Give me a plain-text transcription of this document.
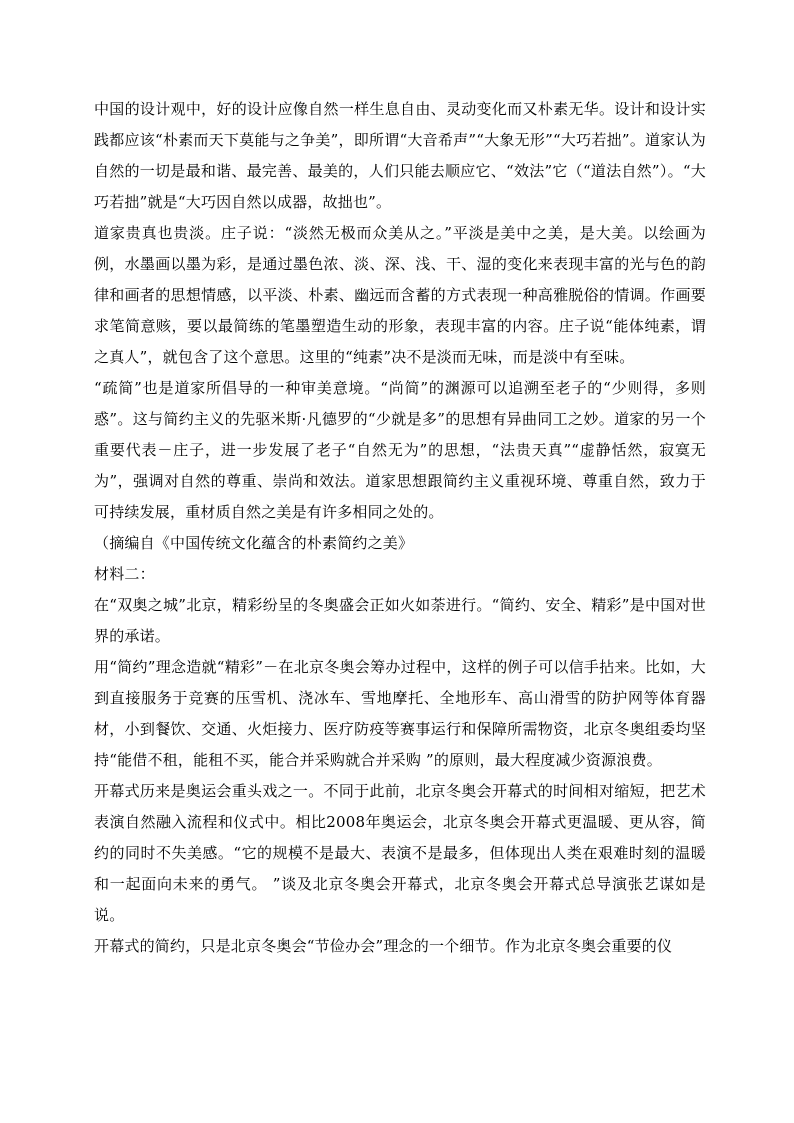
中国的设计观中，好的设计应像自然一样生息自由、灵动变化而又朴素无华。设计和设计实践都应该“朴素而天下莫能与之争美”，即所谓“大音希声”“大象无形”“大巧若拙”。道家认为自然的一切是最和谐、最完善、最美的，人们只能去顺应它、“效法”它（“道法自然”）。“大巧若拙”就是“大巧因自然以成器，故拙也”。

道家贵真也贵淡。庄子说：“淡然无极而众美从之。”平淡是美中之美，是大美。以绘画为例，水墨画以墨为彩，是通过墨色浓、淡、深、浅、干、湿的变化来表现丰富的光与色的韵律和画者的思想情感，以平淡、朴素、幽远而含蓄的方式表现一种高雅脱俗的情调。作画要求笔简意赅，要以最简练的笔墨塑造生动的形象，表现丰富的内容。庄子说“能体纯素，谓之真人”，就包含了这个意思。这里的“纯素”决不是淡而无味，而是淡中有至味。

“疏简”也是道家所倡导的一种审美意境。“尚简”的渊源可以追溯至老子的“少则得，多则惑”。这与简约主义的先驱米斯·凡德罗的“少就是多”的思想有异曲同工之妙。道家的另一个重要代表－庄子，进一步发展了老子“自然无为”的思想，“法贵天真”“虚静恬然，寂寞无为”，强调对自然的尊重、崇尚和效法。道家思想跟简约主义重视环境、尊重自然，致力于可持续发展，重材质自然之美是有许多相同之处的。

（摘编自《中国传统文化蕴含的朴素简约之美》

材料二：

在“双奥之城”北京，精彩纷呈的冬奥盛会正如火如荼进行。“简约、安全、精彩”是中国对世界的承诺。

用“简约”理念造就“精彩”－在北京冬奥会筹办过程中，这样的例子可以信手拈来。比如，大到直接服务于竞赛的压雪机、浇冰车、雪地摩托、全地形车、高山滑雪的防护网等体育器材，小到餐饮、交通、火炬接力、医疗防疫等赛事运行和保障所需物资，北京冬奥组委均坚持“能借不租，能租不买，能合并采购就合并采购 ”的原则，最大程度减少资源浪费。

开幕式历来是奥运会重头戏之一。不同于此前，北京冬奥会开幕式的时间相对缩短，把艺术表演自然融入流程和仪式中。相比2008年奥运会，北京冬奥会开幕式更温暖、更从容，简约的同时不失美感。“它的规模不是最大、表演不是最多，但体现出人类在艰难时刻的温暖和一起面向未来的勇气。 ”谈及北京冬奥会开幕式，北京冬奥会开幕式总导演张艺谋如是说。

开幕式的简约，只是北京冬奥会“节俭办会”理念的一个细节。作为北京冬奥会重要的仪
